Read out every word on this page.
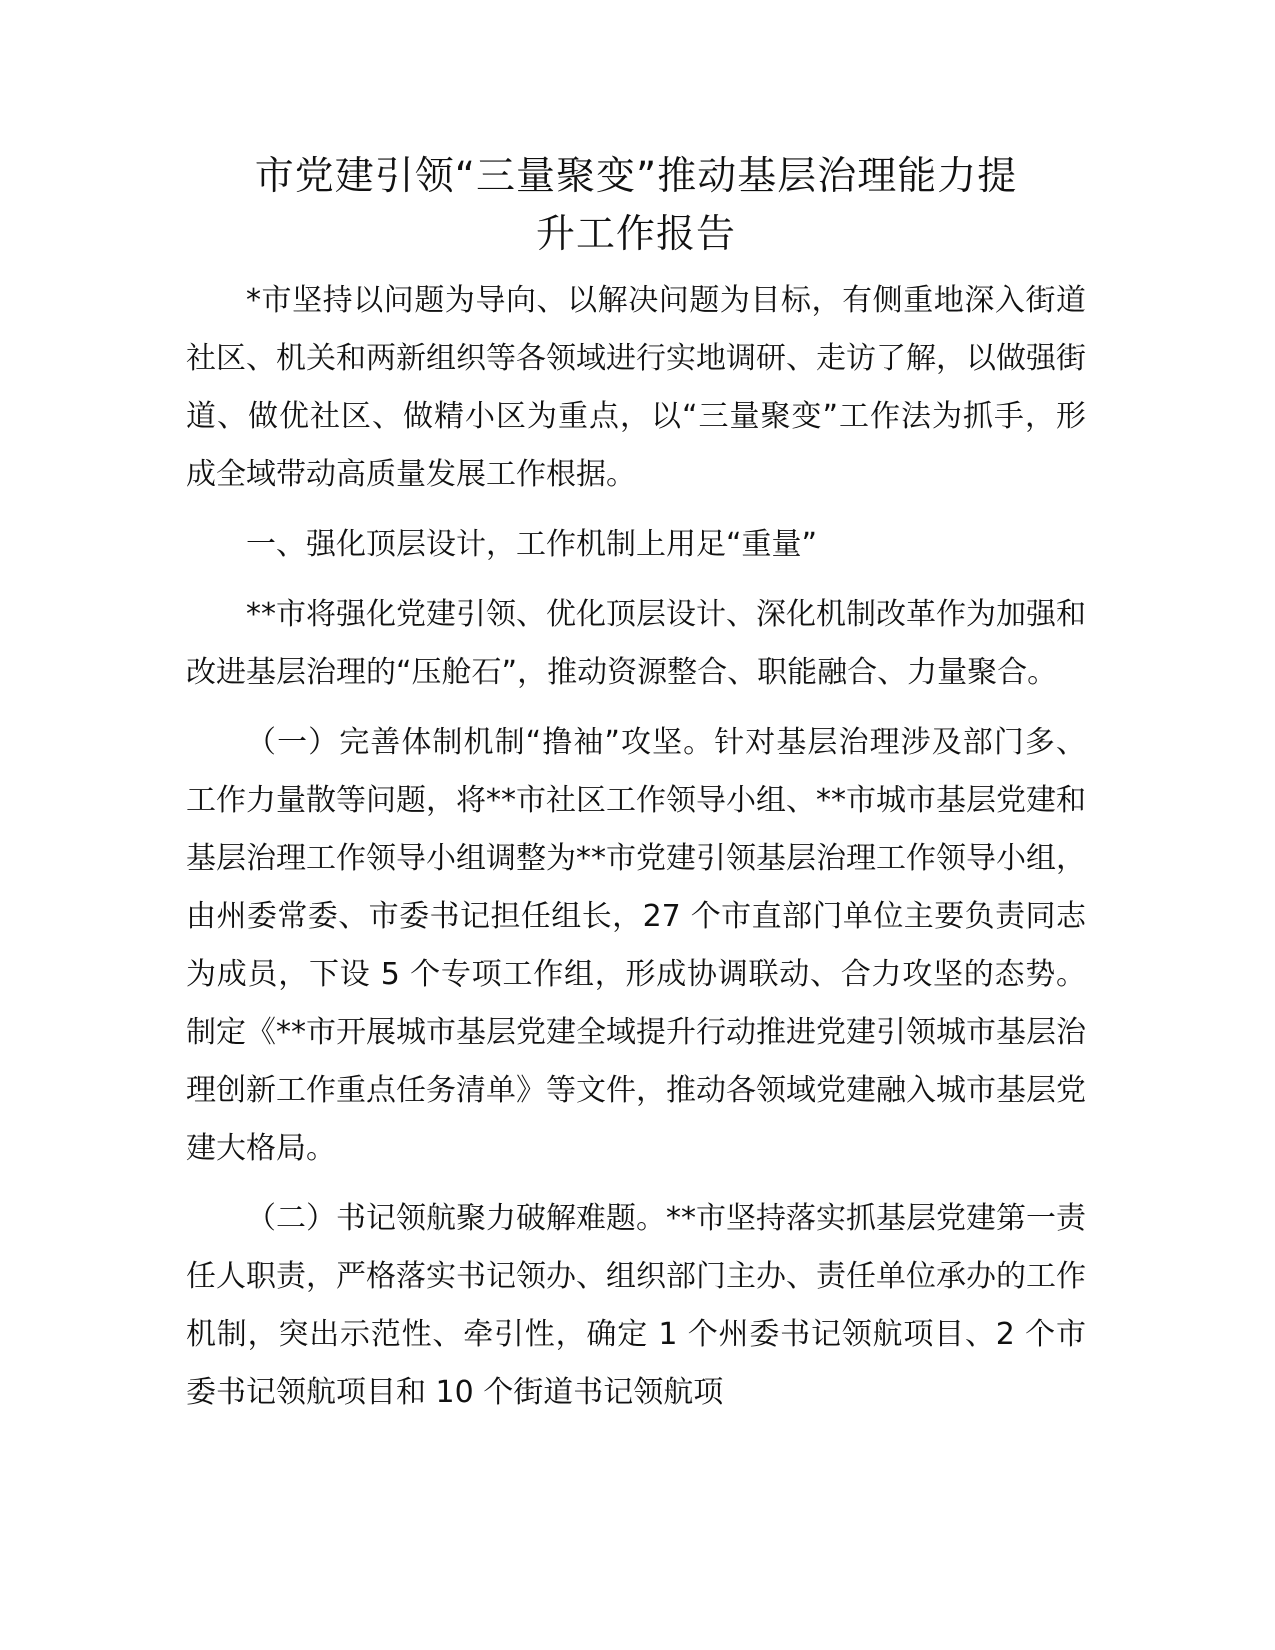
市党建引领“三量聚变”推动基层治理能力提
升工作报告

*市坚持以问题为导向、以解决问题为目标，有侧重地深入街道社区、机关和两新组织等各领域进行实地调研、走访了解，以做强街道、做优社区、做精小区为重点，以“三量聚变”工作法为抓手，形成全域带动高质量发展工作根据。

一、强化顶层设计，工作机制上用足“重量”

**市将强化党建引领、优化顶层设计、深化机制改革作为加强和改进基层治理的“压舱石”，推动资源整合、职能融合、力量聚合。

（一）完善体制机制“撸袖”攻坚。针对基层治理涉及部门多、工作力量散等问题，将**市社区工作领导小组、**市城市基层党建和基层治理工作领导小组调整为**市党建引领基层治理工作领导小组，由州委常委、市委书记担任组长，27 个市直部门单位主要负责同志为成员，下设 5 个专项工作组，形成协调联动、合力攻坚的态势。制定《**市开展城市基层党建全域提升行动推进党建引领城市基层治理创新工作重点任务清单》等文件，推动各领域党建融入城市基层党建大格局。

（二）书记领航聚力破解难题。**市坚持落实抓基层党建第一责任人职责，严格落实书记领办、组织部门主办、责任单位承办的工作机制，突出示范性、牵引性，确定 1 个州委书记领航项目、2 个市委书记领航项目和 10 个街道书记领航项
